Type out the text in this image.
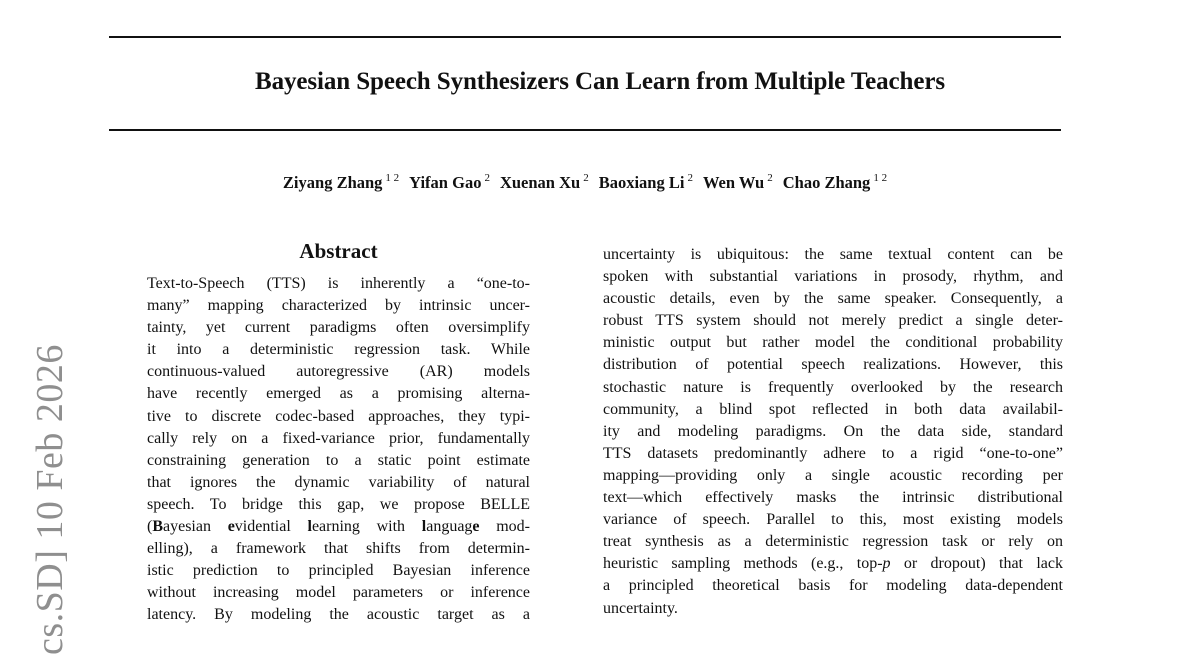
Bayesian Speech Synthesizers Can Learn from Multiple Teachers
Ziyang Zhang $^{1 2}$ Yifan Gao $^2$ Xuenan Xu $^2$ Baoxiang Li $^2$ Wen Wu $^2$ Chao Zhang $^{1 2}$
cs.SD] 10 Feb 2026
Abstract
Text-to-Speech (TTS) is inherently a “one-to-
many” mapping characterized by intrinsic uncer-
tainty, yet current paradigms often oversimplify
it into a deterministic regression task. While
continuous-valued autoregressive (AR) models
have recently emerged as a promising alterna-
tive to discrete codec-based approaches, they typi-
cally rely on a fixed-variance prior, fundamentally
constraining generation to a static point estimate
that ignores the dynamic variability of natural
speech. To bridge this gap, we propose BELLE
(Bayesian evidential learning with language mod-
elling), a framework that shifts from determin-
istic prediction to principled Bayesian inference
without increasing model parameters or inference
latency. By modeling the acoustic target as a
uncertainty is ubiquitous: the same textual content can be
spoken with substantial variations in prosody, rhythm, and
acoustic details, even by the same speaker. Consequently, a
robust TTS system should not merely predict a single deter-
ministic output but rather model the conditional probability
distribution of potential speech realizations. However, this
stochastic nature is frequently overlooked by the research
community, a blind spot reflected in both data availabil-
ity and modeling paradigms. On the data side, standard
TTS datasets predominantly adhere to a rigid “one-to-one”
mapping—providing only a single acoustic recording per
text—which effectively masks the intrinsic distributional
variance of speech. Parallel to this, most existing models
treat synthesis as a deterministic regression task or rely on
heuristic sampling methods (e.g., top-p or dropout) that lack
a principled theoretical basis for modeling data-dependent
uncertainty.
